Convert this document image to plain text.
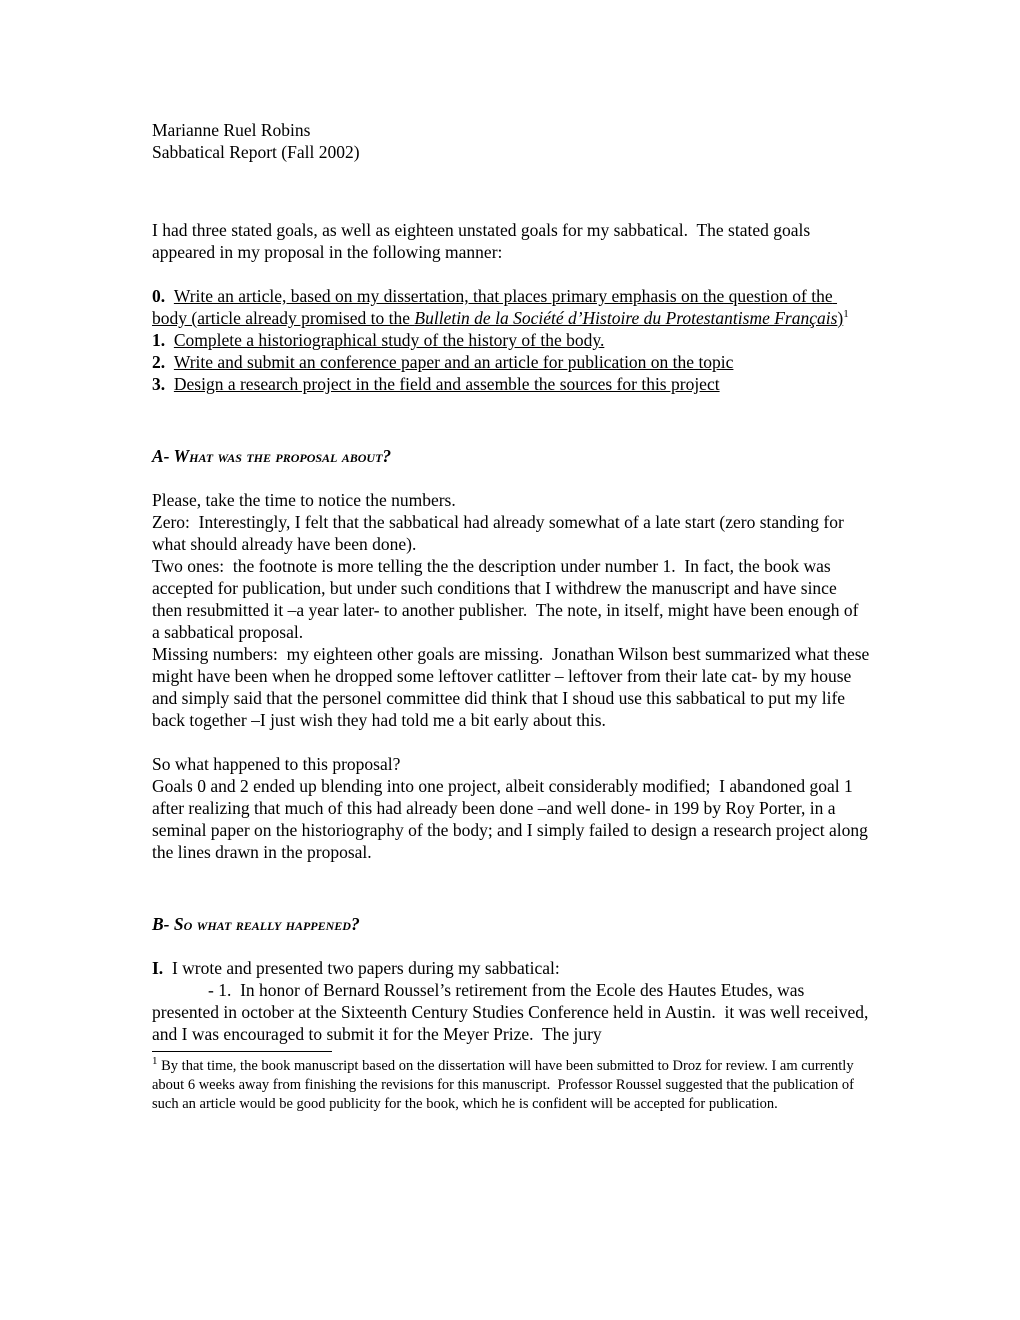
Marianne Ruel Robins

Sabbatical Report (Fall 2002)

I had three stated goals, as well as eighteen unstated goals for my sabbatical.  The stated goals appeared in my proposal in the following manner:

0.  Write an article, based on my dissertation, that places primary emphasis on the question of the body (article already promised to the Bulletin de la Société d’Histoire du Protestantisme Français)$^1$
1.  Complete a historiographical study of the history of the body.
2.  Write and submit an conference paper and an article for publication on the topic
3.  Design a research project in the field and assemble the sources for this project
A- What was the proposal about?

Please, take the time to notice the numbers.

Zero:  Interestingly, I felt that the sabbatical had already somewhat of a late start (zero standing for what should already have been done).

Two ones:  the footnote is more telling the the description under number 1.  In fact, the book was accepted for publication, but under such conditions that I withdrew the manuscript and have since then resubmitted it –a year later- to another publisher.  The note, in itself, might have been enough of a sabbatical proposal.

Missing numbers:  my eighteen other goals are missing.  Jonathan Wilson best summarized what these might have been when he dropped some leftover catlitter – leftover from their late cat- by my house and simply said that the personel committee did think that I shoud use this sabbatical to put my life back together –I just wish they had told me a bit early about this.

So what happened to this proposal?

Goals 0 and 2 ended up blending into one project, albeit considerably modified;  I abandoned goal 1 after realizing that much of this had already been done –and well done- in 199 by Roy Porter, in a seminal paper on the historiography of the body; and I simply failed to design a research project along the lines drawn in the proposal.

B- So what really happened?

I.  I wrote and presented two papers during my sabbatical:

- 1.  In honor of Bernard Roussel’s retirement from the Ecole des Hautes Etudes, was presented in october at the Sixteenth Century Studies Conference held in Austin.  it was well received, and I was encouraged to submit it for the Meyer Prize.  The jury

$^1$ By that time, the book manuscript based on the dissertation will have been submitted to Droz for review. I am currently about 6 weeks away from finishing the revisions for this manuscript.  Professor Roussel suggested that the publication of such an article would be good publicity for the book, which he is confident will be accepted for publication.
